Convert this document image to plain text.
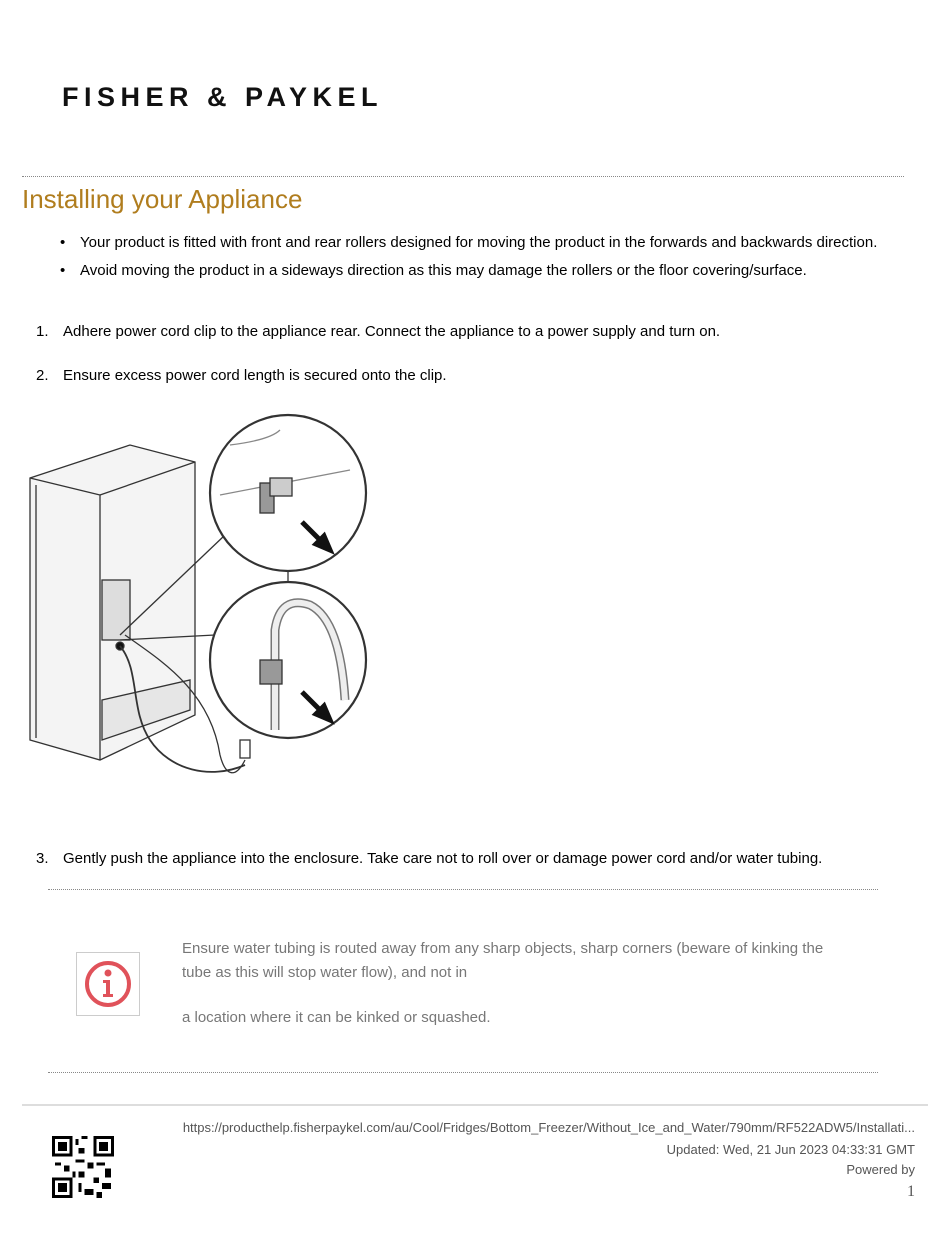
FISHER & PAYKEL
Installing your Appliance
• Your product is fitted with front and rear rollers designed for moving the product in the forwards and backwards direction.
• Avoid moving the product in a sideways direction as this may damage the rollers or the floor covering/surface.
1. Adhere power cord clip to the appliance rear. Connect the appliance to a power supply and turn on.
2. Ensure excess power cord length is secured onto the clip.
3. Gently push the appliance into the enclosure. Take care not to roll over or damage power cord and/or water tubing.
Ensure water tubing is routed away from any sharp objects, sharp corners (beware of kinking the tube as this will stop water flow), and not in
a location where it can be kinked or squashed.
https://producthelp.fisherpaykel.com/au/Cool/Fridges/Bottom_Freezer/Without_Ice_and_Water/790mm/RF522ADW5/Installati...
Updated: Wed, 21 Jun 2023 04:33:31 GMT
Powered by
1
